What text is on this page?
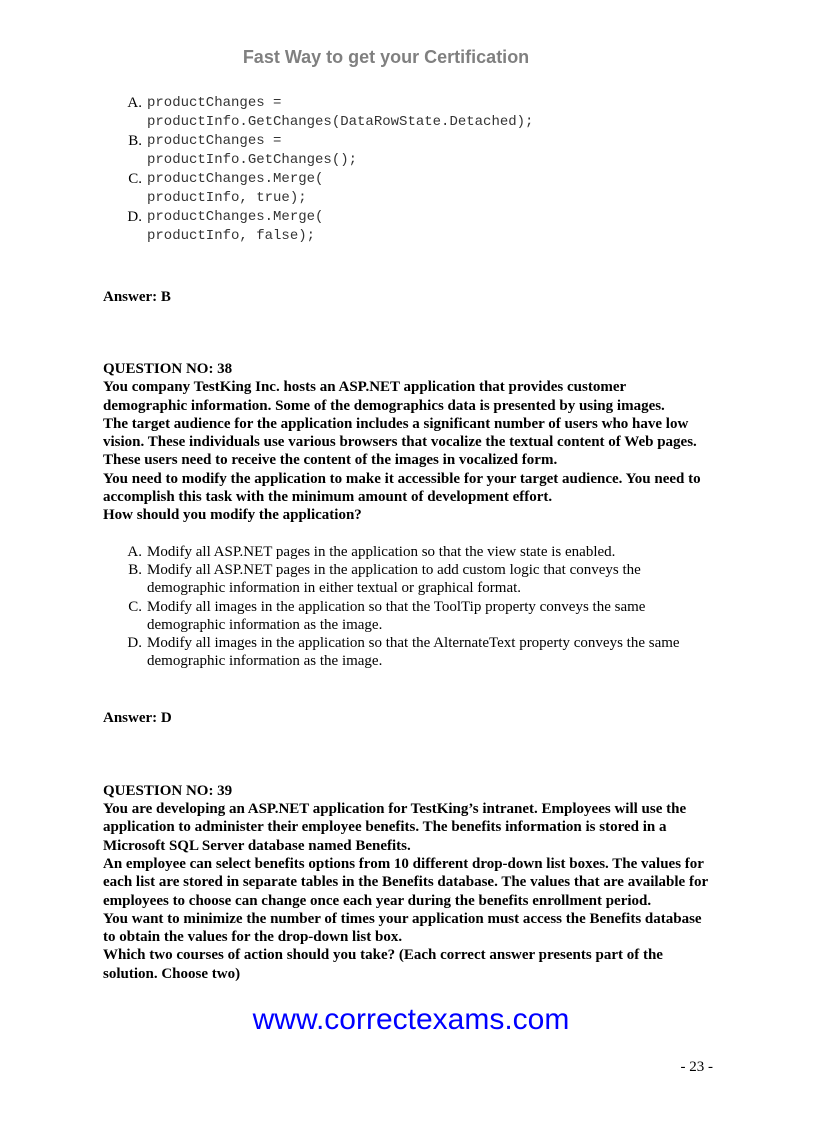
Fast Way to get your Certification
A. productChanges =
productInfo.GetChanges(DataRowState.Detached);
B. productChanges =
productInfo.GetChanges();
C. productChanges.Merge(
productInfo, true);
D. productChanges.Merge(
productInfo, false);

Answer: B

QUESTION NO: 38

You company TestKing Inc. hosts an ASP.NET application that provides customer
demographic information. Some of the demographics data is presented by using images.
The target audience for the application includes a significant number of users who have low
vision. These individuals use various browsers that vocalize the textual content of Web pages.
These users need to receive the content of the images in vocalized form.
You need to modify the application to make it accessible for your target audience. You need to
accomplish this task with the minimum amount of development effort.
How should you modify the application?
A. Modify all ASP.NET pages in the application so that the view state is enabled.
B. Modify all ASP.NET pages in the application to add custom logic that conveys the
demographic information in either textual or graphical format.
C. Modify all images in the application so that the ToolTip property conveys the same
demographic information as the image.
D. Modify all images in the application so that the AlternateText property conveys the same
demographic information as the image.

Answer: D

QUESTION NO: 39

You are developing an ASP.NET application for TestKing’s intranet. Employees will use the
application to administer their employee benefits. The benefits information is stored in a
Microsoft SQL Server database named Benefits.
An employee can select benefits options from 10 different drop-down list boxes. The values for
each list are stored in separate tables in the Benefits database. The values that are available for
employees to choose can change once each year during the benefits enrollment period.
You want to minimize the number of times your application must access the Benefits database
to obtain the values for the drop-down list box.
Which two courses of action should you take? (Each correct answer presents part of the
solution. Choose two)
www.correctexams.com
- 23 -
